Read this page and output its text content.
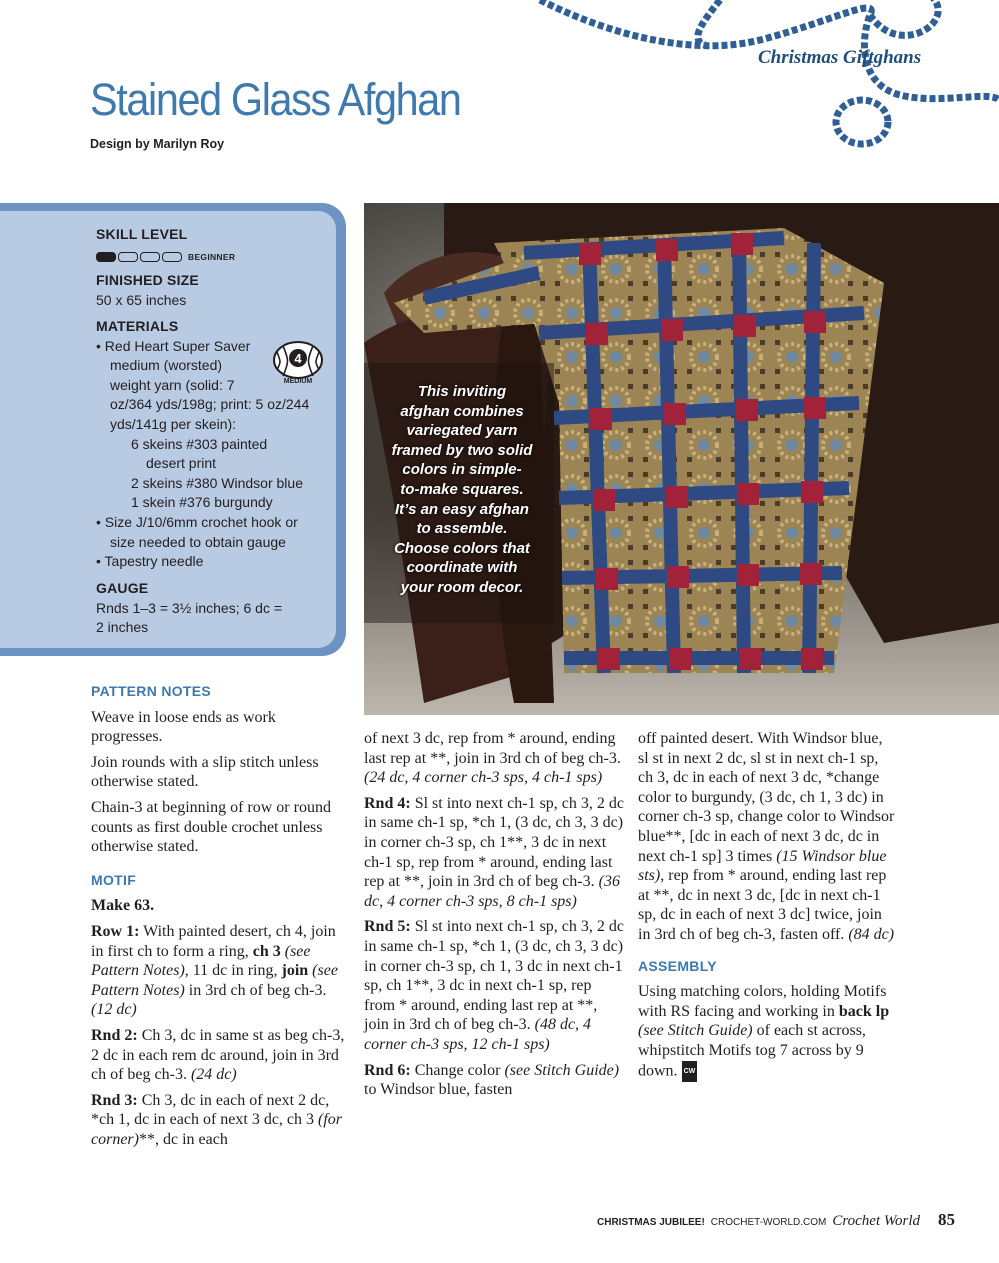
Christmas Giftghans
Stained Glass Afghan
Design by Marilyn Roy
SKILL LEVEL
BEGINNER
FINISHED SIZE
50 x 65 inches
MATERIALS

• Red Heart Super Saver

medium (worsted)

weight yarn (solid: 7

oz/364 yds/198g; print: 5 oz/244

yds/141g per skein):

6 skeins #303 painted

desert print

2 skeins #380 Windsor blue

1 skein #376 burgundy

• Size J/10/6mm crochet hook or

size needed to obtain gauge

• Tapestry needle

4
MEDIUM
GAUGE
Rnds 1–3 = 3½ inches; 6 dc =
2 inches
This inviting
afghan combines
variegated yarn
framed by two solid
colors in simple-
to-make squares.
It’s an easy afghan
to assemble.
Choose colors that
coordinate with
your room decor.
PATTERN NOTES

Weave in loose ends as work progresses.

Join rounds with a slip stitch unless otherwise stated.

Chain-3 at beginning of row or round counts as first double crochet unless otherwise stated.

MOTIF

Make 63.

Row 1: With painted desert, ch 4, join in first ch to form a ring, ch 3 (see Pattern Notes), 11 dc in ring, join (see Pattern Notes) in 3rd ch of beg ch-3. (12 dc)

Rnd 2: Ch 3, dc in same st as beg ch-3, 2 dc in each rem dc around, join in 3rd ch of beg ch-3. (24 dc)

Rnd 3: Ch 3, dc in each of next 2 dc, *ch 1, dc in each of next 3 dc, ch 3 (for corner)**, dc in each

of next 3 dc, rep from * around, ending last rep at **, join in 3rd ch of beg ch-3. (24 dc, 4 corner ch-3 sps, 4 ch-1 sps)

Rnd 4: Sl st into next ch-1 sp, ch 3, 2 dc in same ch-1 sp, *ch 1, (3 dc, ch 3, 3 dc) in corner ch-3 sp, ch 1**, 3 dc in next ch-1 sp, rep from * around, ending last rep at **, join in 3rd ch of beg ch-3. (36 dc, 4 corner ch-3 sps, 8 ch-1 sps)

Rnd 5: Sl st into next ch-1 sp, ch 3, 2 dc in same ch-1 sp, *ch 1, (3 dc, ch 3, 3 dc) in corner ch-3 sp, ch 1, 3 dc in next ch-1 sp, ch 1**, 3 dc in next ch-1 sp, rep from * around, ending last rep at **, join in 3rd ch of beg ch-3. (48 dc, 4 corner ch-3 sps, 12 ch-1 sps)

Rnd 6: Change color (see Stitch Guide) to Windsor blue, fasten

off painted desert. With Windsor blue, sl st in next 2 dc, sl st in next ch-1 sp, ch 3, dc in each of next 3 dc, *change color to burgundy, (3 dc, ch 1, 3 dc) in corner ch-3 sp, change color to Windsor blue**, [dc in each of next 3 dc, dc in next ch-1 sp] 3 times (15 Windsor blue sts), rep from * around, ending last rep at **, dc in next 3 dc, [dc in next ch-1 sp, dc in each of next 3 dc] twice, join in 3rd ch of beg ch-3, fasten off. (84 dc)

ASSEMBLY

Using matching colors, holding Motifs with RS facing and working in back lp (see Stitch Guide) of each st across, whipstitch Motifs tog 7 across by 9 down. CW

CHRISTMAS JUBILEE! CROCHET-WORLD.COM Crochet World 85
